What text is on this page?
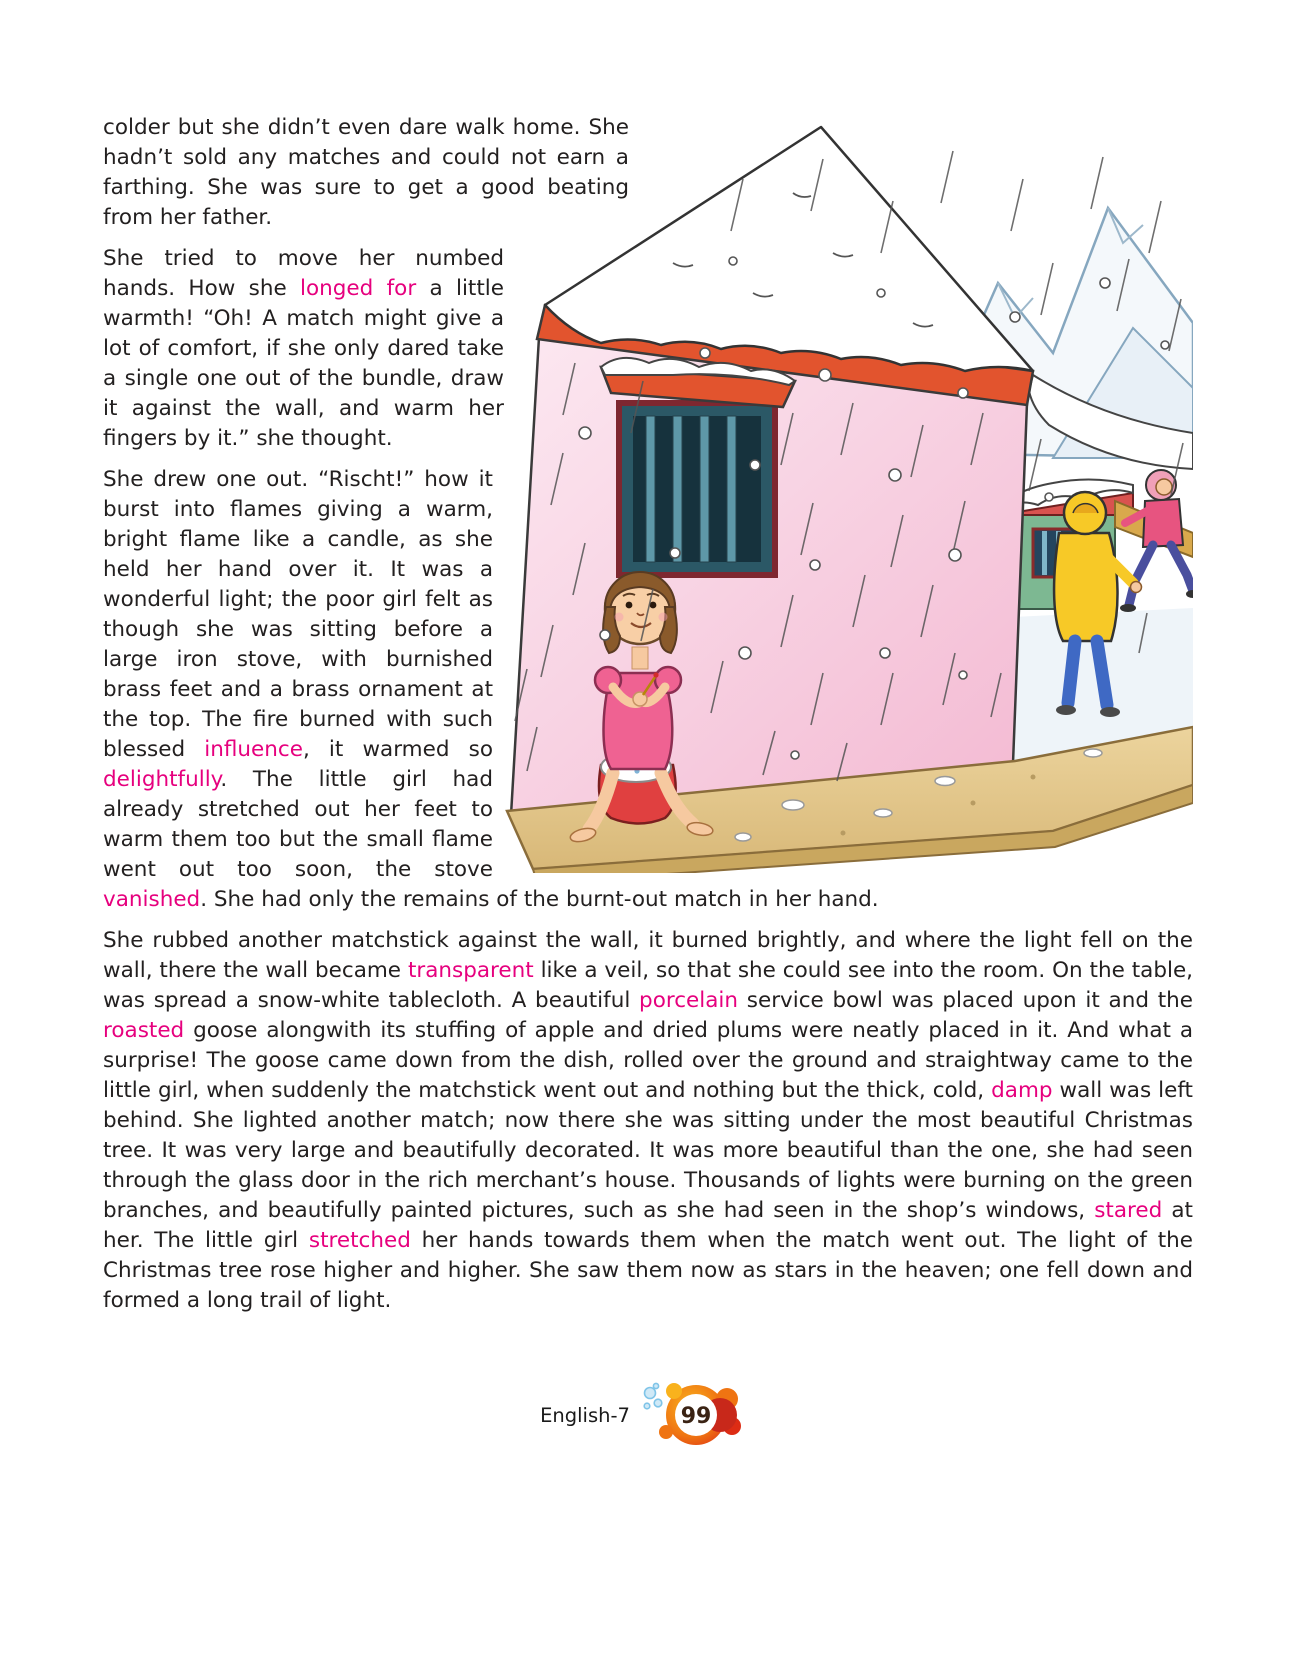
colder but she didn’t even dare walk home. She hadn’t sold any matches and could not earn a farthing. She was sure to get a good beating from her father.

She tried to move her numbed hands. How she longed for a little warmth! “Oh! A match might give a lot of comfort, if she only dared take a single one out of the bundle, draw it against the wall, and warm her fingers by it.” she thought.

She drew one out. “Rischt!” how it burst into flames giving a warm, bright flame like a candle, as she held her hand over it. It was a wonderful light; the poor girl felt as though she was sitting before a large iron stove, with burnished brass feet and a brass ornament at the top. The fire burned with such blessed influence, it warmed so delightfully. The little girl had already stretched out her feet to warm them too but the small flame went out too soon, the stove vanished. She had only the remains of the burnt-out match in her hand.

She rubbed another matchstick against the wall, it burned brightly, and where the light fell on the wall, there the wall became transparent like a veil, so that she could see into the room. On the table, was spread a snow-white tablecloth. A beautiful porcelain service bowl was placed upon it and the roasted goose alongwith its stuffing of apple and dried plums were neatly placed in it. And what a surprise! The goose came down from the dish, rolled over the ground and straightway came to the little girl, when suddenly the matchstick went out and nothing but the thick, cold, damp wall was left behind. She lighted another match; now there she was sitting under the most beautiful Christmas tree. It was very large and beautifully decorated. It was more beautiful than the one, she had seen through the glass door in the rich merchant’s house. Thousands of lights were burning on the green branches, and beautifully painted pictures, such as she had seen in the shop’s windows, stared at her. The little girl stretched her hands towards them when the match went out. The light of the Christmas tree rose higher and higher. She saw them now as stars in the heaven; one fell down and formed a long trail of light.

English-7 99
